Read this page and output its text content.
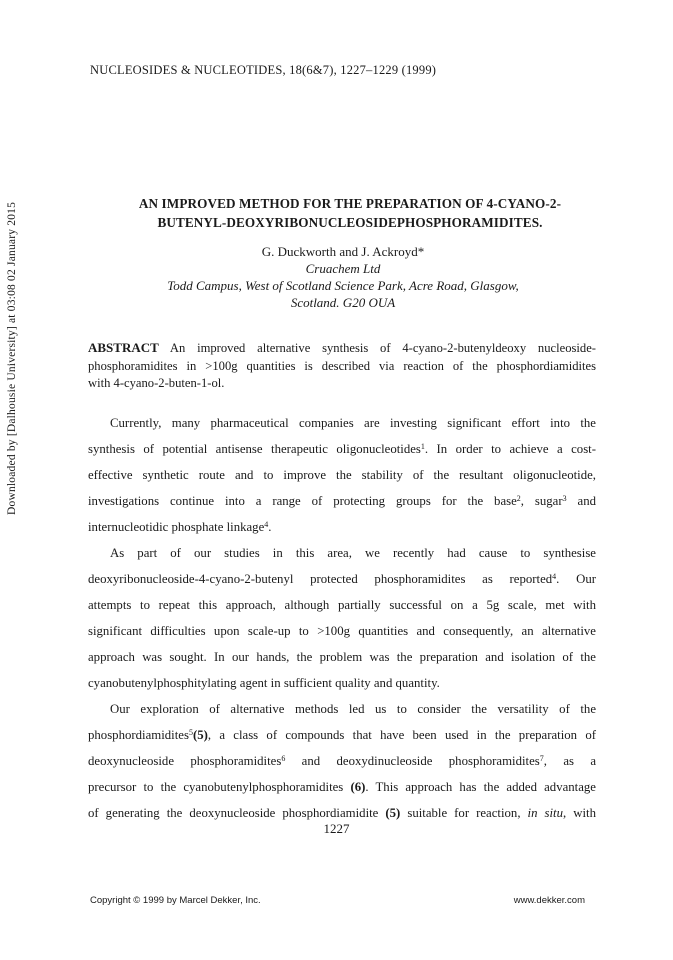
Downloaded by [Dalhousie University] at 03:08 02 January 2015
NUCLEOSIDES & NUCLEOTIDES, 18(6&7), 1227–1229 (1999)
AN IMPROVED METHOD FOR THE PREPARATION OF 4-CYANO-2-
BUTENYL-DEOXYRIBONUCLEOSIDEPHOSPHORAMIDITES.
G. Duckworth and J. Ackroyd*
Cruachem Ltd
Todd Campus, West of Scotland Science Park, Acre Road, Glasgow,
Scotland. G20 OUA
ABSTRACT An improved alternative synthesis of 4-cyano-2-butenyldeoxy nucleoside-
phosphoramidites in >100g quantities is described via reaction of the phosphordiamidites
with 4-cyano-2-buten-1-ol.
Currently, many pharmaceutical companies are investing significant effort into the
synthesis of potential antisense therapeutic oligonucleotides$^1$. In order to achieve a cost-
effective synthetic route and to improve the stability of the resultant oligonucleotide,
investigations continue into a range of protecting groups for the base$^2$, sugar$^3$ and
internucleotidic phosphate linkage$^4$.
As part of our studies in this area, we recently had cause to synthesise
deoxyribonucleoside-4-cyano-2-butenyl protected phosphoramidites as reported$^4$. Our
attempts to repeat this approach, although partially successful on a 5g scale, met with
significant difficulties upon scale-up to >100g quantities and consequently, an alternative
approach was sought. In our hands, the problem was the preparation and isolation of the
cyanobutenylphosphitylating agent in sufficient quality and quantity.
Our exploration of alternative methods led us to consider the versatility of the
phosphordiamidites$^5$(5), a class of compounds that have been used in the preparation of
deoxynucleoside phosphoramidites$^6$ and deoxydinucleoside phosphoramidites$^7$, as a
precursor to the cyanobutenylphosphoramidites (6). This approach has the added advantage
of generating the deoxynucleoside phosphordiamidite (5) suitable for reaction, in situ, with
1227
Copyright © 1999 by Marcel Dekker, Inc.	www.dekker.com
